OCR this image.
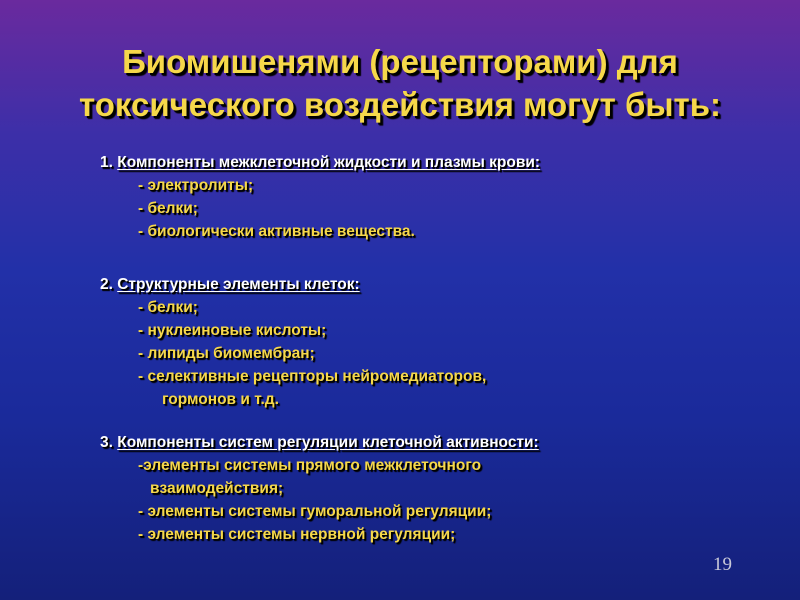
Биомишенями (рецепторами) для
токсического воздействия могут быть:
1. Компоненты межклеточной жидкости и плазмы крови:
- электролиты;
- белки;
- биологически активные вещества.
2. Структурные элементы клеток:
- белки;
- нуклеиновые кислоты;
- липиды биомембран;
- селективные рецепторы нейромедиаторов,
гормонов и т.д.
3. Компоненты систем регуляции клеточной активности:
-элементы системы прямого межклеточного
взаимодействия;
- элементы системы гуморальной регуляции;
- элементы системы нервной регуляции;
19
